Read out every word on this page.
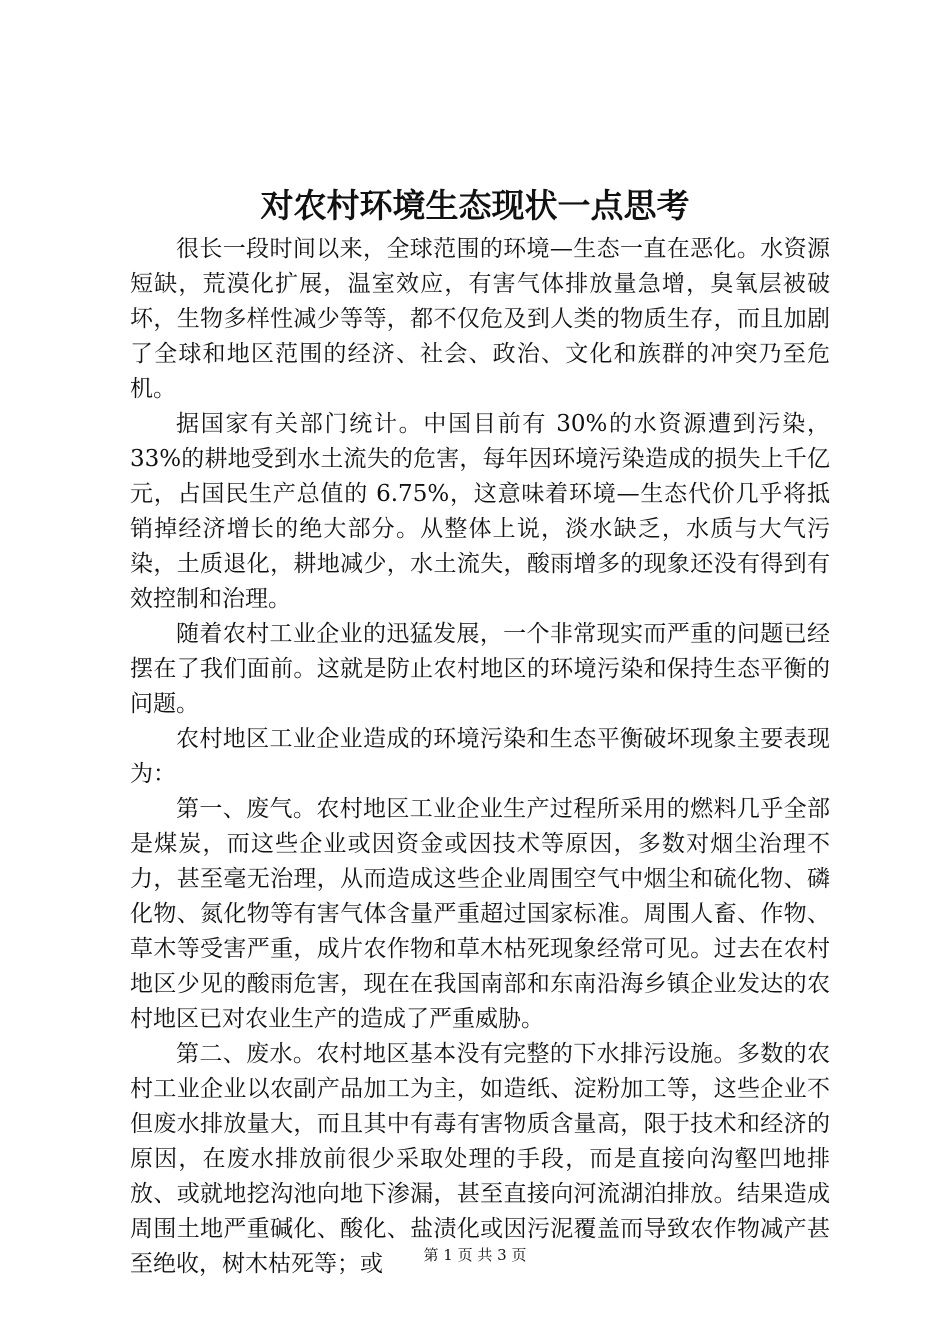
对农村环境生态现状一点思考

很长一段时间以来，全球范围的环境—生态一直在恶化。水资源短缺，荒漠化扩展，温室效应，有害气体排放量急增，臭氧层被破坏，生物多样性减少等等，都不仅危及到人类的物质生存，而且加剧了全球和地区范围的经济、社会、政治、文化和族群的冲突乃至危机。

据国家有关部门统计。中国目前有 30%的水资源遭到污染，33%的耕地受到水土流失的危害，每年因环境污染造成的损失上千亿元，占国民生产总值的 6.75%，这意味着环境—生态代价几乎将抵销掉经济增长的绝大部分。从整体上说，淡水缺乏，水质与大气污染，土质退化，耕地减少，水土流失，酸雨增多的现象还没有得到有效控制和治理。

随着农村工业企业的迅猛发展，一个非常现实而严重的问题已经摆在了我们面前。这就是防止农村地区的环境污染和保持生态平衡的问题。

农村地区工业企业造成的环境污染和生态平衡破坏现象主要表现为：

第一、废气。农村地区工业企业生产过程所采用的燃料几乎全部是煤炭，而这些企业或因资金或因技术等原因，多数对烟尘治理不力，甚至毫无治理，从而造成这些企业周围空气中烟尘和硫化物、磷化物、氮化物等有害气体含量严重超过国家标准。周围人畜、作物、草木等受害严重，成片农作物和草木枯死现象经常可见。过去在农村地区少见的酸雨危害，现在在我国南部和东南沿海乡镇企业发达的农村地区已对农业生产的造成了严重威胁。

第二、废水。农村地区基本没有完整的下水排污设施。多数的农村工业企业以农副产品加工为主，如造纸、淀粉加工等，这些企业不但废水排放量大，而且其中有毒有害物质含量高，限于技术和经济的原因，在废水排放前很少采取处理的手段，而是直接向沟壑凹地排放、或就地挖沟池向地下渗漏，甚至直接向河流湖泊排放。结果造成周围土地严重碱化、酸化、盐渍化或因污泥覆盖而导致农作物减产甚至绝收，树木枯死等；或	第 1 页 共 3 页
